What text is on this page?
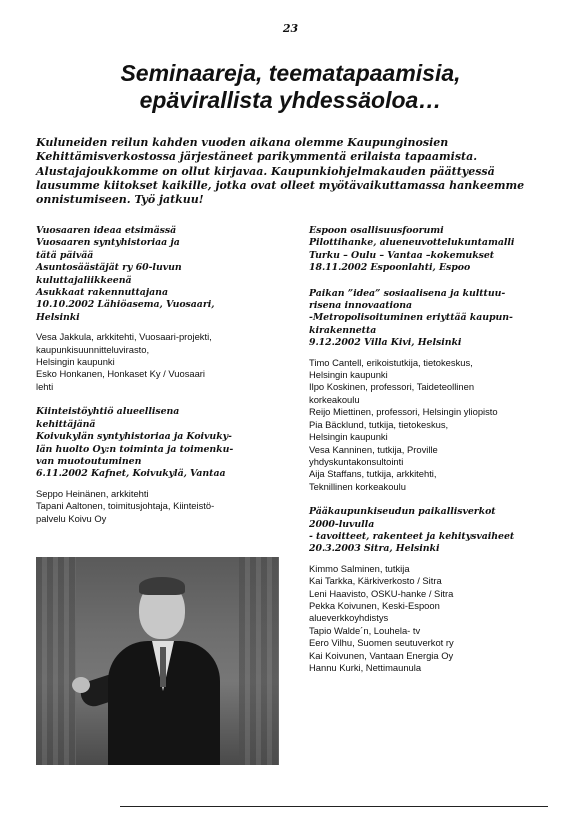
23
Seminaareja, teematapaamisia,
epävirallista yhdessäoloa…

Kuluneiden reilun kahden vuoden aikana olemme Kaupunginosien Kehittämisverkostossa järjestäneet parikymmentä erilaista tapaamista. Alustajajoukkomme on ollut kirjavaa. Kaupunkiohjelmakauden päättyessä lausumme kiitokset kaikille, jotka ovat olleet myötävaikuttamassa hankeemme onnistumiseen. Työ jatkuu!

Vuosaaren ideaa etsimässä
Vuosaaren syntyhistoriaa ja
tätä päivää
Asuntosäästäjät ry 60-luvun
kuluttajaliikkeenä
Asukkaat rakennuttajana
10.10.2002 Lähiöasema, Vuosaari,
Helsinki
Vesa Jakkula, arkkitehti, Vuosaari-projekti,
kaupunkisuunnitteluvirasto,
Helsingin kaupunki
Esko Honkanen, Honkaset Ky / Vuosaari
lehti
Kiinteistöyhtiö alueellisena
kehittäjänä
Koivukylän syntyhistoriaa ja Koivuky-
län huolto Oy:n toiminta ja toimenku-
van muotoutuminen
6.11.2002 Kafnet, Koivukylä, Vantaa
Seppo Heinänen, arkkitehti
Tapani Aaltonen, toimitusjohtaja, Kiinteistö-
palvelu Koivu Oy
Espoon osallisuusfoorumi
Pilottihanke, alueneuvottelukuntamalli
Turku – Oulu – Vantaa –kokemukset
18.11.2002 Espoonlahti, Espoo
Paikan ”idea” sosiaalisena ja kulttuu-
risena innovaationa
-Metropolisoituminen eriyttää kaupun-
kirakennetta
9.12.2002 Villa Kivi, Helsinki
Timo Cantell, erikoistutkija, tietokeskus,
Helsingin kaupunki
Ilpo Koskinen, professori, Taideteollinen
korkeakoulu
Reijo Miettinen, professori, Helsingin yliopisto
Pia Bäcklund, tutkija, tietokeskus,
Helsingin kaupunki
Vesa Kanninen, tutkija, Proville
yhdyskuntakonsultointi
Aija Staffans, tutkija, arkkitehti,
Teknillinen korkeakoulu
Pääkaupunkiseudun paikallisverkot
2000-luvulla
- tavoitteet, rakenteet ja kehitysvaiheet
20.3.2003 Sitra, Helsinki
Kimmo Salminen, tutkija
Kai Tarkka, Kärkiverkosto / Sitra
Leni Haavisto, OSKU-hanke / Sitra
Pekka Koivunen, Keski-Espoon
alueverkkoyhdistys
Tapio Walde´n, Louhela- tv
Eero Vilhu, Suomen seutuverkot ry
Kai Koivunen, Vantaan Energia Oy
Hannu Kurki, Nettimaunula
